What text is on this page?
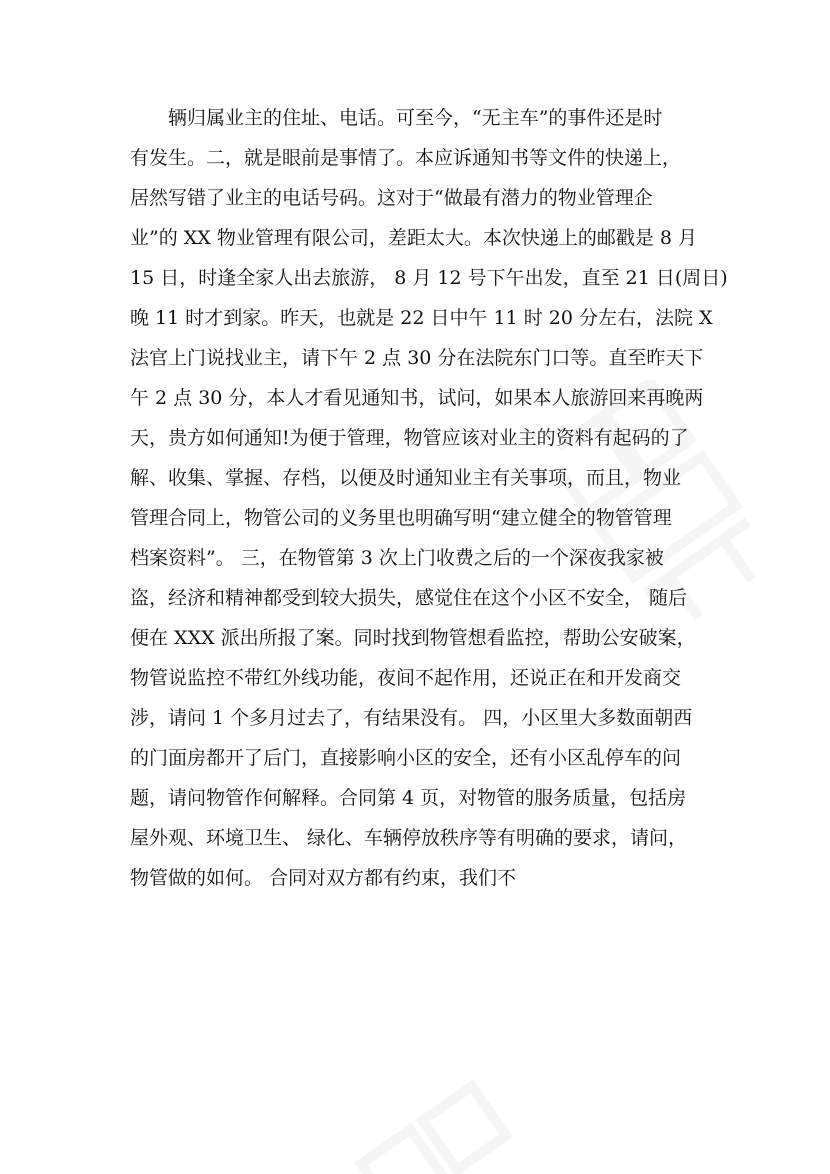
辆归属业主的住址、电话。可至今，“无主车”的事件还是时
有发生。二，就是眼前是事情了。本应诉通知书等文件的快递上，
居然写错了业主的电话号码。这对于“做最有潜力的物业管理企
业”的 XX 物业管理有限公司，差距太大。本次快递上的邮戳是 8 月
15 日，时逢全家人出去旅游， 8 月 12 号下午出发，直至 21 日(周日)
晚 11 时才到家。昨天，也就是 22 日中午 11 时 20 分左右，法院 X
法官上门说找业主，请下午 2 点 30 分在法院东门口等。直至昨天下
午 2 点 30 分，本人才看见通知书，试问，如果本人旅游回来再晚两
天，贵方如何通知!为便于管理，物管应该对业主的资料有起码的了
解、收集、掌握、存档，以便及时通知业主有关事项，而且，物业
管理合同上，物管公司的义务里也明确写明“建立健全的物管管理
档案资料”。 三，在物管第 3 次上门收费之后的一个深夜我家被
盗，经济和精神都受到较大损失，感觉住在这个小区不安全， 随后
便在 XXX 派出所报了案。同时找到物管想看监控，帮助公安破案，
物管说监控不带红外线功能，夜间不起作用，还说正在和开发商交
涉，请问 1 个多月过去了，有结果没有。 四，小区里大多数面朝西
的门面房都开了后门，直接影响小区的安全，还有小区乱停车的问
题，请问物管作何解释。合同第 4 页，对物管的服务质量，包括房
屋外观、环境卫生、 绿化、车辆停放秩序等有明确的要求，请问，
物管做的如何。 合同对双方都有约束，我们不
